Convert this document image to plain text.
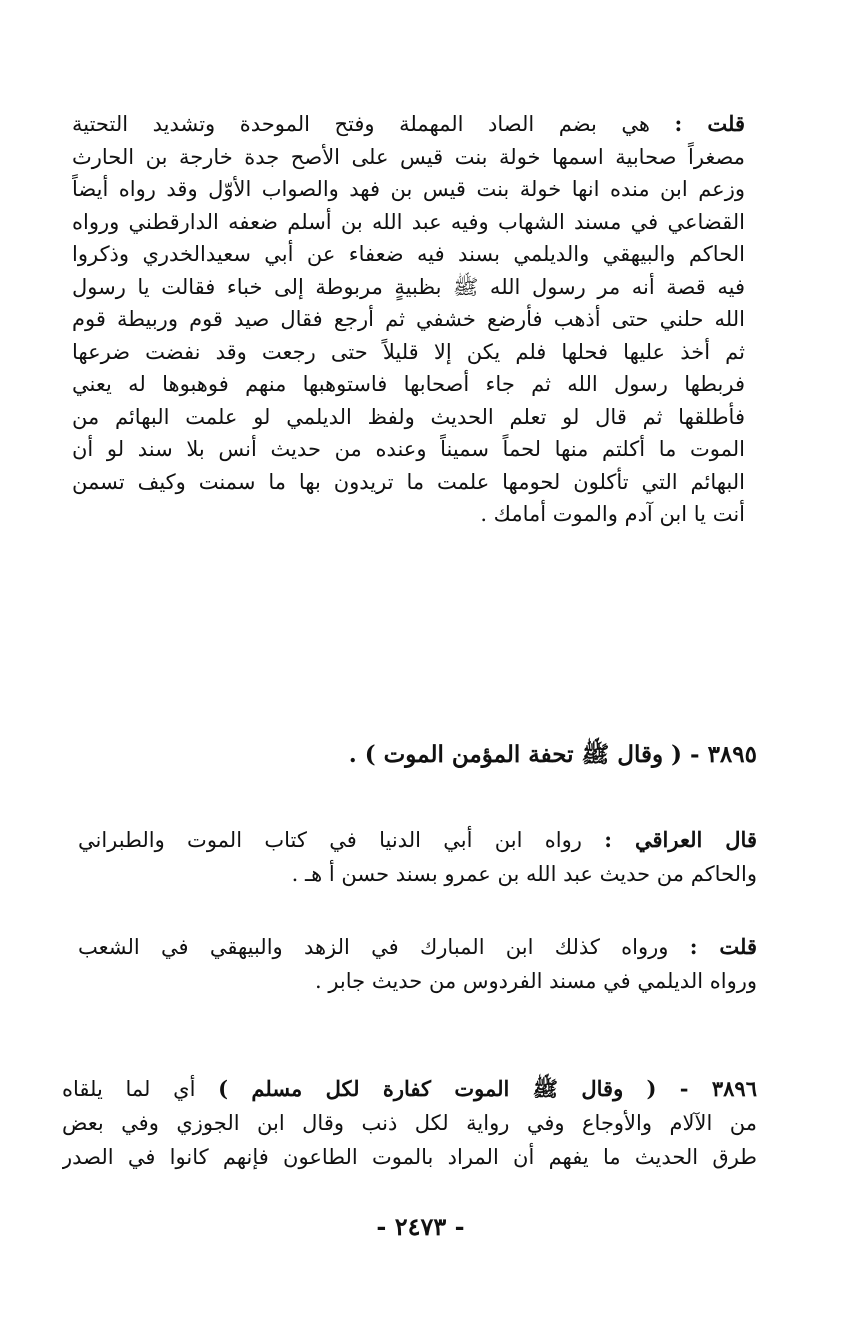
قلت : هي بضم الصاد المهملة وفتح الموحدة وتشديد التحتية
مصغراً صحابية اسمها خولة بنت قيس على الأصح جدة خارجة بن الحارث
وزعم ابن منده انها خولة بنت قيس بن فهد والصواب الأوّل وقد رواه أيضاً
القضاعي في مسند الشهاب وفيه عبد الله بن أسلم ضعفه الدارقطني ورواه
الحاكم والبيهقي والديلمي بسند فيه ضعفاء عن أبي سعيدالخدري وذكروا
فيه قصة أنه مر رسول الله ﷺ بظبيةٍ مربوطة إلى خباء فقالت يا رسول
الله حلني حتى أذهب فأرضع خشفي ثم أرجع فقال صيد قوم وربيطة قوم
ثم أخذ عليها فحلها فلم يكن إلا قليلاً حتى رجعت وقد نفضت ضرعها
فربطها رسول الله ثم جاء أصحابها فاستوهبها منهم فوهبوها له يعني
فأطلقها ثم قال لو تعلم الحديث ولفظ الديلمي لو علمت البهائم من
الموت ما أكلتم منها لحماً سميناً وعنده من حديث أنس بلا سند لو أن
البهائم التي تأكلون لحومها علمت ما تريدون بها ما سمنت وكيف تسمن
أنت يا ابن آدم والموت أمامك .
٣٨٩٥ - ( وقال ﷺ تحفة المؤمن الموت ) .
قال العراقي : رواه ابن أبي الدنيا في كتاب الموت والطبراني
والحاكم من حديث عبد الله بن عمرو بسند حسن أ هـ .
قلت : ورواه كذلك ابن المبارك في الزهد والبيهقي في الشعب
ورواه الديلمي في مسند الفردوس من حديث جابر .
٣٨٩٦ - ( وقال ﷺ الموت كفارة لكل مسلم ) أي لما يلقاه
من الآلام والأوجاع وفي رواية لكل ذنب وقال ابن الجوزي وفي بعض
طرق الحديث ما يفهم أن المراد بالموت الطاعون فإنهم كانوا في الصدر
- ٢٤٧٣ -
